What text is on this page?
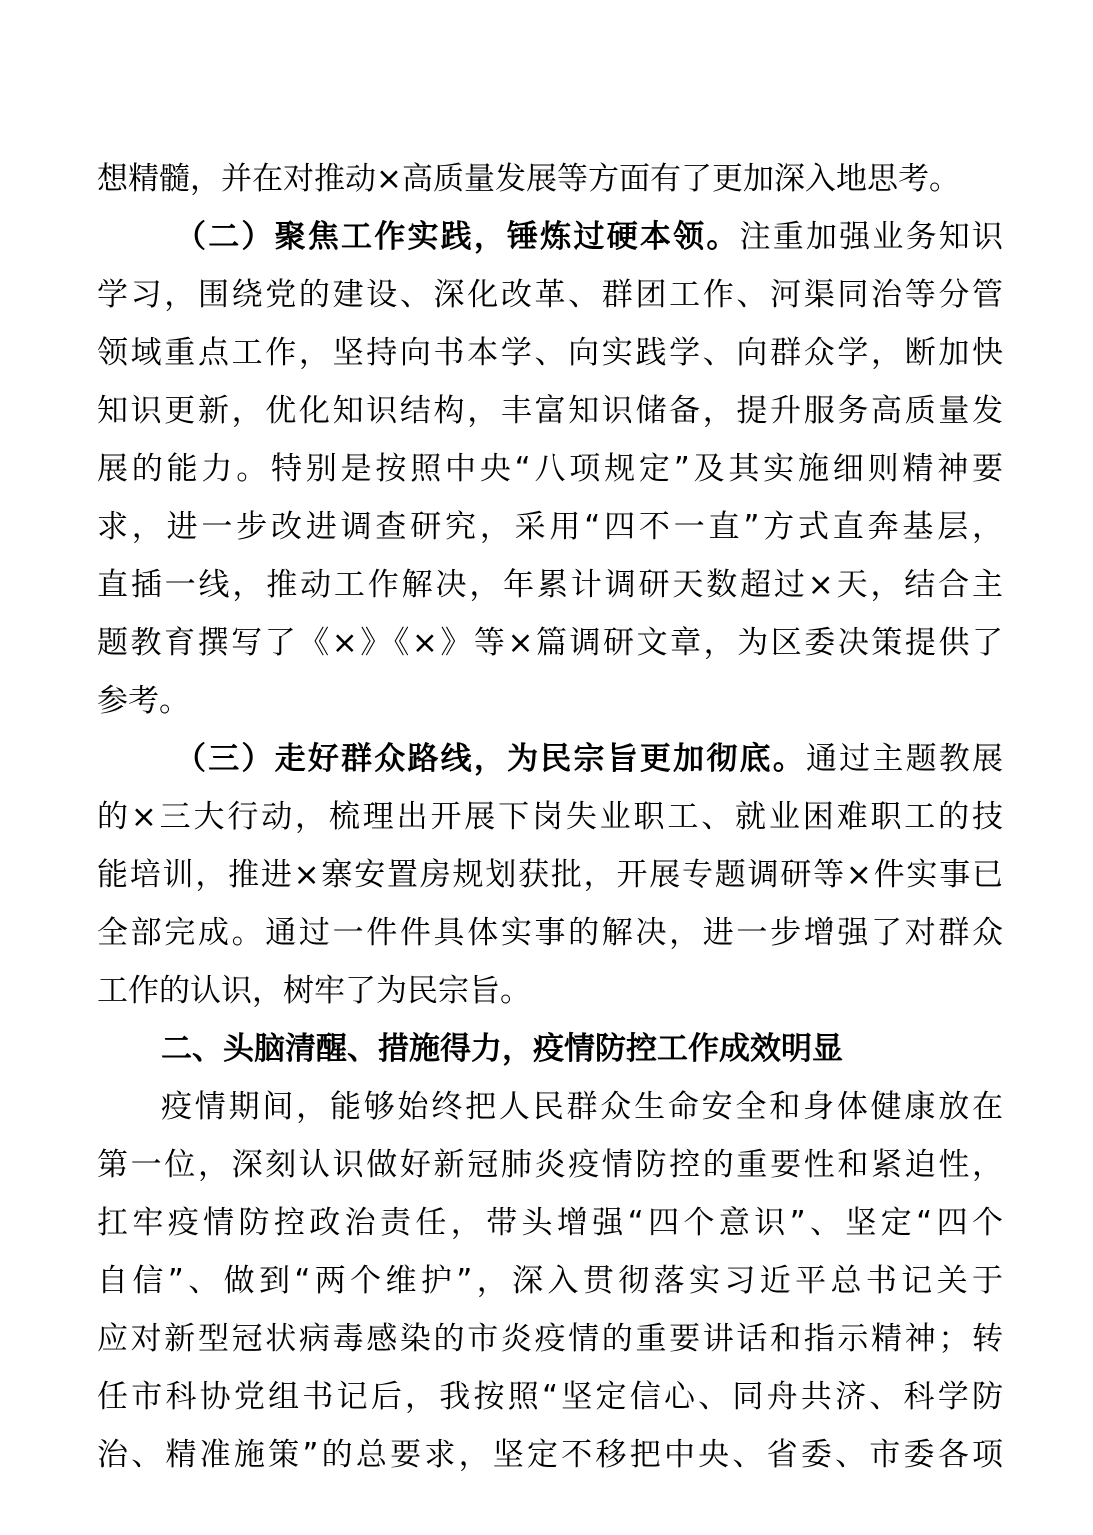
想精髓，并在对推动×高质量发展等方面有了更加深入地思考。
（二）聚焦工作实践，锤炼过硬本领。注重加强业务知识
学习，围绕党的建设、深化改革、群团工作、河渠同治等分管
领域重点工作，坚持向书本学、向实践学、向群众学，断加快
知识更新，优化知识结构，丰富知识储备，提升服务高质量发
展的能力。特别是按照中央“八项规定”及其实施细则精神要
求，进一步改进调查研究，采用“四不一直”方式直奔基层，
直插一线，推动工作解决，年累计调研天数超过×天，结合主
题教育撰写了《×》《×》等×篇调研文章，为区委决策提供了
参考。
（三）走好群众路线，为民宗旨更加彻底。通过主题教展
的×三大行动，梳理出开展下岗失业职工、就业困难职工的技
能培训，推进×寨安置房规划获批，开展专题调研等×件实事已
全部完成。通过一件件具体实事的解决，进一步增强了对群众
工作的认识，树牢了为民宗旨。
二、头脑清醒、措施得力，疫情防控工作成效明显
疫情期间，能够始终把人民群众生命安全和身体健康放在
第一位，深刻认识做好新冠肺炎疫情防控的重要性和紧迫性，
扛牢疫情防控政治责任，带头增强“四个意识”、坚定“四个
自信”、做到“两个维护”，深入贯彻落实习近平总书记关于
应对新型冠状病毒感染的市炎疫情的重要讲话和指示精神；转
任市科协党组书记后，我按照“坚定信心、同舟共济、科学防
治、精准施策”的总要求，坚定不移把中央、省委、市委各项
